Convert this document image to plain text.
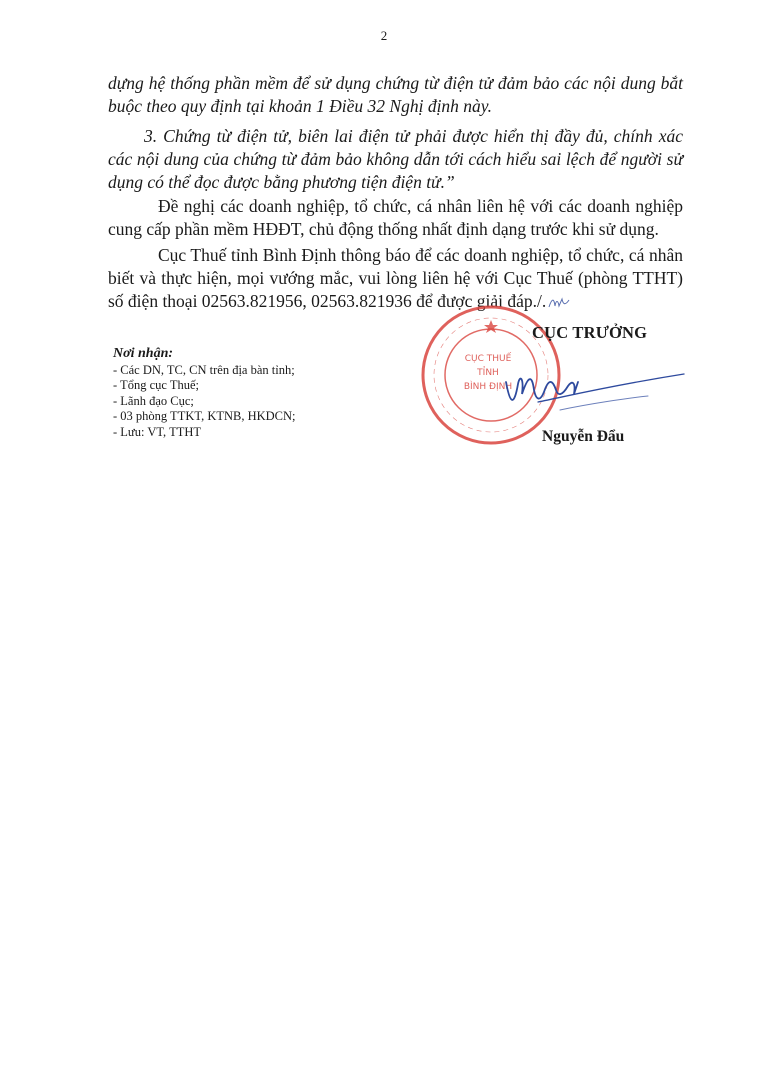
2
dựng hệ thống phần mềm để sử dụng chứng từ điện tử đảm bảo các nội dung bắt buộc theo quy định tại khoản 1 Điều 32 Nghị định này.
3. Chứng từ điện tử, biên lai điện tử phải được hiển thị đầy đủ, chính xác các nội dung của chứng từ đảm bảo không dẫn tới cách hiểu sai lệch để người sử dụng có thể đọc được bằng phương tiện điện tử.”
Đề nghị các doanh nghiệp, tổ chức, cá nhân liên hệ với các doanh nghiệp cung cấp phần mềm HĐĐT, chủ động thống nhất định dạng trước khi sử dụng.
Cục Thuế tỉnh Bình Định thông báo để các doanh nghiệp, tổ chức, cá nhân biết và thực hiện, mọi vướng mắc, vui lòng liên hệ với Cục Thuế (phòng TTHT) số điện thoại 02563.821956, 02563.821936 để được giải đáp./.
Nơi nhận:
- Các DN, TC, CN trên địa bàn tỉnh;
- Tổng cục Thuế;
- Lãnh đạo Cục;
- 03 phòng TTKT, KTNB, HKDCN;
- Lưu: VT, TTHT
CỤC THUẾ
TỈNH
BÌNH ĐỊNH
CỤC TRƯỞNG
Nguyễn Đẩu
